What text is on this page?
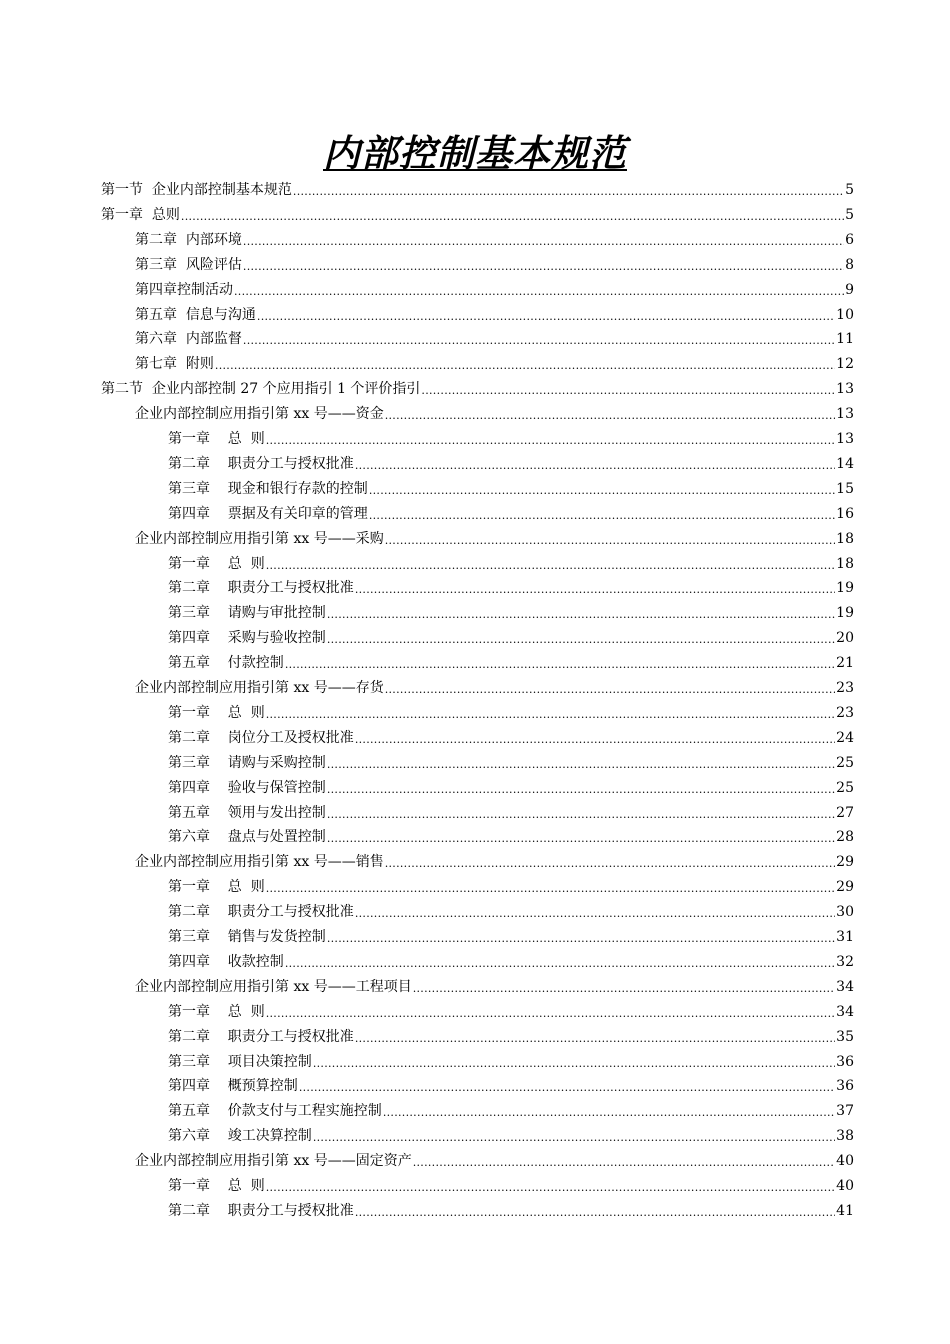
内部控制基本规范
第一节  企业内部控制基本规范 .....	5
第一章  总则 .....	5
第二章  内部环境 .....	6
第三章  风险评估 .....	8
第四章控制活动 .....	9
第五章  信息与沟通 .....	10
第六章  内部监督 .....	11
第七章  附则 .....	12
第二节  企业内部控制 27 个应用指引 1 个评价指引 .....	13
企业内部控制应用指引第 xx 号——资金 .....	13
第一章    总  则 .....	13
第二章    职责分工与授权批准 .....	14
第三章    现金和银行存款的控制 .....	15
第四章    票据及有关印章的管理 .....	16
企业内部控制应用指引第 xx 号——采购 .....	18
第一章    总  则 .....	18
第二章    职责分工与授权批准 .....	19
第三章    请购与审批控制 .....	19
第四章    采购与验收控制 .....	20
第五章    付款控制 .....	21
企业内部控制应用指引第 xx 号——存货 .....	23
第一章    总  则 .....	23
第二章    岗位分工及授权批准 .....	24
第三章    请购与采购控制 .....	25
第四章    验收与保管控制 .....	25
第五章    领用与发出控制 .....	27
第六章    盘点与处置控制 .....	28
企业内部控制应用指引第 xx 号——销售 .....	29
第一章    总  则 .....	29
第二章    职责分工与授权批准 .....	30
第三章    销售与发货控制 .....	31
第四章    收款控制 .....	32
企业内部控制应用指引第 xx 号——工程项目 .....	34
第一章    总  则 .....	34
第二章    职责分工与授权批准 .....	35
第三章    项目决策控制 .....	36
第四章    概预算控制 .....	36
第五章    价款支付与工程实施控制 .....	37
第六章    竣工决算控制 .....	38
企业内部控制应用指引第 xx 号——固定资产 .....	40
第一章    总  则 .....	40
第二章    职责分工与授权批准 .....	41
